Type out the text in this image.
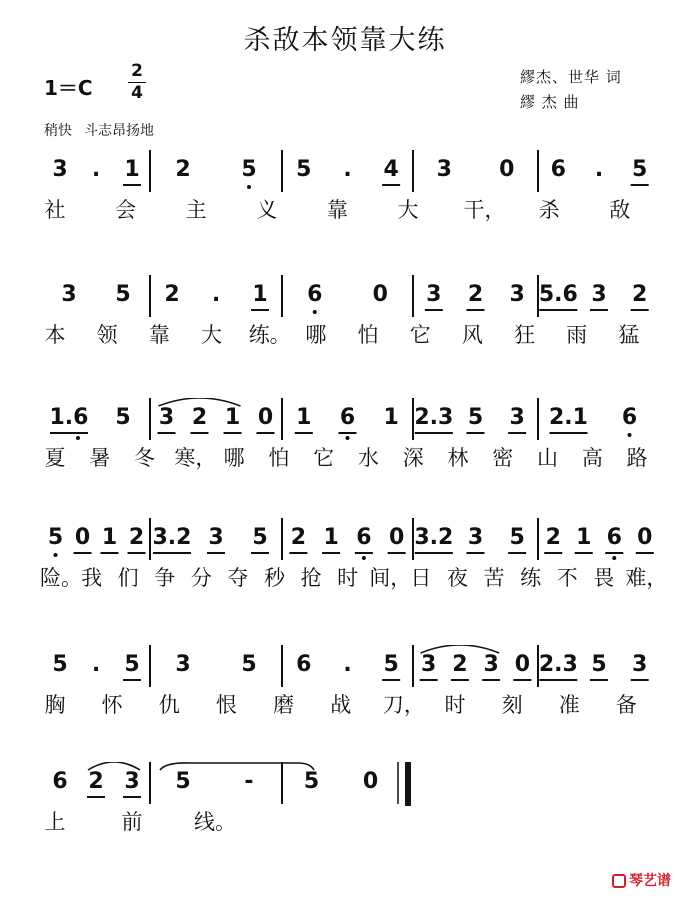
杀敌本领靠大练
1＝C
2
4
繆杰、世华 词
繆 杰 曲
稍快 斗志昂扬地
3 . 1 2 5 5 . 4 3 0 6 . 5
社 会 主 义 靠 大 干， 杀 敌
3 5 2 . 1 6 0 3 2 3 5.6 3 2
本 领 靠 大 练。 哪 怕 它 风 狂 雨 猛
1.6 5 3 2 1 0 1 6 1 2.3 5 3 2.1 6
夏 暑 冬 寒， 哪 怕 它 水 深 林 密 山 高 路
5 0 1 2 3.2 3 5 2 1 6 0 3.2 3 5 2 1 6 0
险。 我 们 争 分 夺 秒 抢 时 间， 日 夜 苦 练 不 畏 难，
5 . 5 3 5 6 . 5 3 2 3 0 2.3 5 3
胸 怀 仇 恨 磨 战 刀， 时 刻 准 备
6 2 3 5 - 5 0
上	前 线。
琴艺谱
